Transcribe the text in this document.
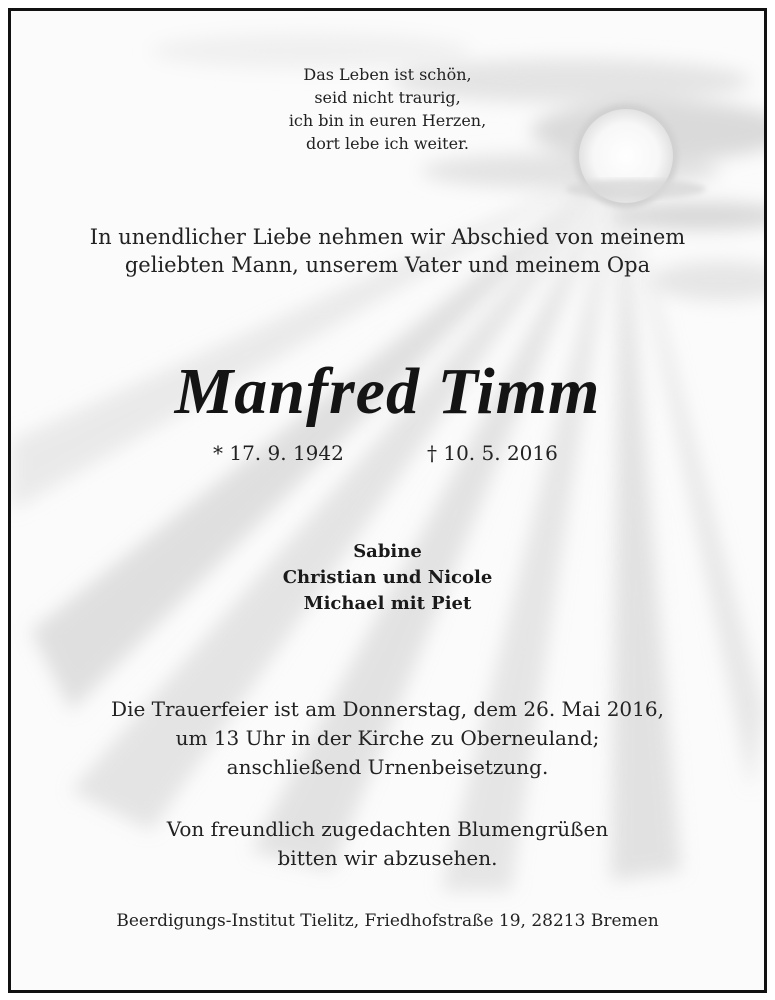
Das Leben ist schön,
seid nicht traurig,
ich bin in euren Herzen,
dort lebe ich weiter.
In unendlicher Liebe nehmen wir Abschied von meinem
geliebten Mann, unserem Vater und meinem Opa
Manfred Timm
* 17. 9. 1942	† 10. 5. 2016
Sabine
Christian und Nicole
Michael mit Piet
Die Trauerfeier ist am Donnerstag, dem 26. Mai 2016,
um 13 Uhr in der Kirche zu Oberneuland;
anschließend Urnenbeisetzung.
Von freundlich zugedachten Blumengrüßen
bitten wir abzusehen.
Beerdigungs-Institut Tielitz, Friedhofstraße 19, 28213 Bremen
